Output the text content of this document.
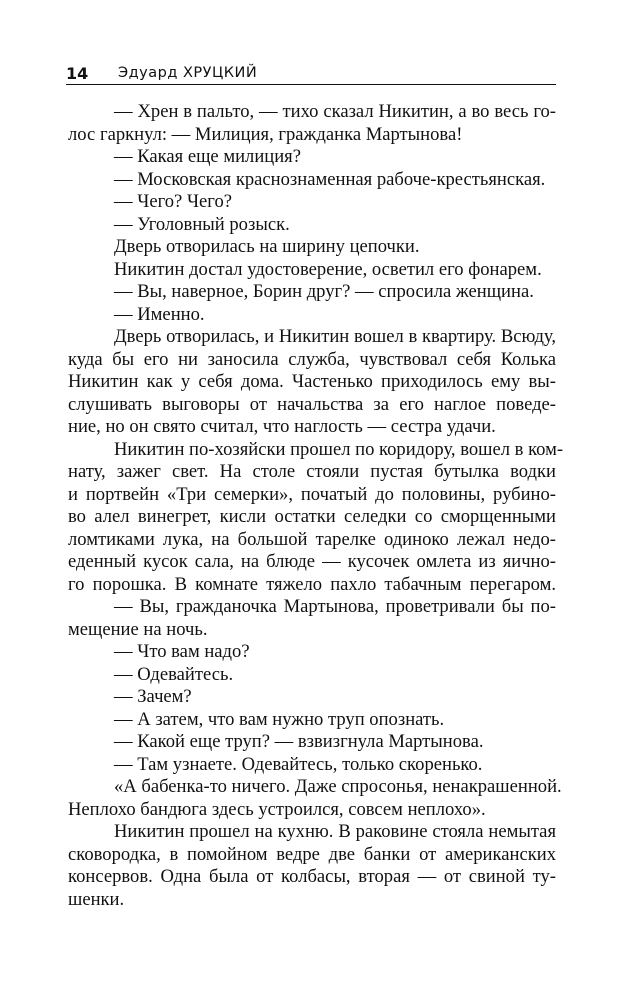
14 Эдуард ХРУЦКИЙ
— Хрен в пальто, — тихо сказал Никитин, а во весь го-
лос гаркнул: — Милиция, гражданка Мартынова!
— Какая еще милиция?
— Московская краснознаменная рабоче-крестьянская.
— Чего? Чего?
— Уголовный розыск.
Дверь отворилась на ширину цепочки.
Никитин достал удостоверение, осветил его фонарем.
— Вы, наверное, Борин друг? — спросила женщина.
— Именно.
Дверь отворилась, и Никитин вошел в квартиру. Всюду,
куда бы его ни заносила служба, чувствовал себя Колька
Никитин как у себя дома. Частенько приходилось ему вы-
слушивать выговоры от начальства за его наглое поведе-
ние, но он свято считал, что наглость — сестра удачи.
Никитин по-хозяйски прошел по коридору, вошел в ком-
нату, зажег свет. На столе стояли пустая бутылка водки
и портвейн «Три семерки», початый до половины, рубино-
во алел винегрет, кисли остатки селедки со сморщенными
ломтиками лука, на большой тарелке одиноко лежал недо-
еденный кусок сала, на блюде — кусочек омлета из яично-
го порошка. В комнате тяжело пахло табачным перегаром.
— Вы, гражданочка Мартынова, проветривали бы по-
мещение на ночь.
— Что вам надо?
— Одевайтесь.
— Зачем?
— А затем, что вам нужно труп опознать.
— Какой еще труп? — взвизгнула Мартынова.
— Там узнаете. Одевайтесь, только скоренько.
«А бабенка-то ничего. Даже спросонья, ненакрашенной.
Неплохо бандюга здесь устроился, совсем неплохо».
Никитин прошел на кухню. В раковине стояла немытая
сковородка, в помойном ведре две банки от американских
консервов. Одна была от колбасы, вторая — от свиной ту-
шенки.
